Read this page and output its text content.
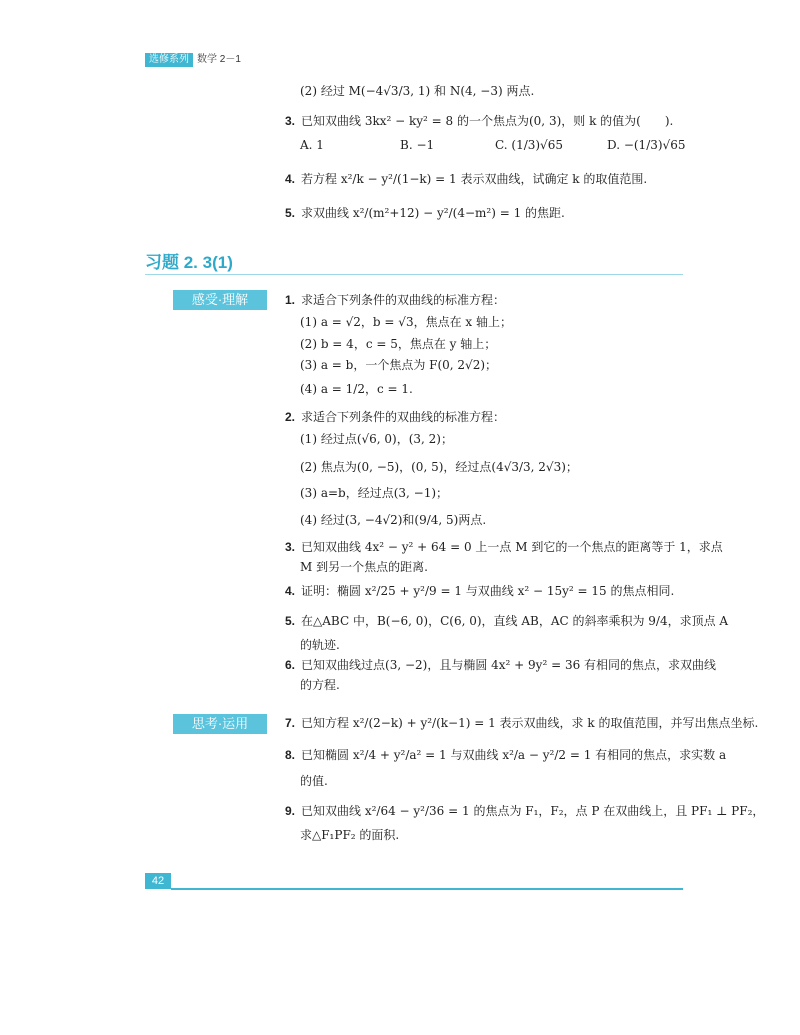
选修系列 数学 2－1
(2) 经过 M(−4√3/3, 1) 和 N(4, −3) 两点.
3. 已知双曲线 3kx² − ky² = 8 的一个焦点为(0, 3)，则 k 的值为(　　).
A. 1	B. −1	C. (1/3)√65	D. −(1/3)√65
4. 若方程 x²/k − y²/(1−k) = 1 表示双曲线，试确定 k 的取值范围.
5. 求双曲线 x²/(m²+12) − y²/(4−m²) = 1 的焦距.
习题 2. 3(1)
感受·理解	1. 求适合下列条件的双曲线的标准方程：
(1) a = √2，b = √3，焦点在 x 轴上；
(2) b = 4，c = 5，焦点在 y 轴上；
(3) a = b，一个焦点为 F(0, 2√2)；
(4) a = 1/2，c = 1.
2. 求适合下列条件的双曲线的标准方程：
(1) 经过点(√6, 0)，(3, 2)；
(2) 焦点为(0, −5)，(0, 5)，经过点(4√3/3, 2√3)；
(3) a=b，经过点(3, −1)；
(4) 经过(3, −4√2)和(9/4, 5)两点.
3. 已知双曲线 4x² − y² + 64 = 0 上一点 M 到它的一个焦点的距离等于 1，求点
M 到另一个焦点的距离.
4. 证明：椭圆 x²/25 + y²/9 = 1 与双曲线 x² − 15y² = 15 的焦点相同.
5. 在△ABC 中，B(−6, 0)，C(6, 0)，直线 AB，AC 的斜率乘积为 9/4，求顶点 A
的轨迹.
6. 已知双曲线过点(3, −2)，且与椭圆 4x² + 9y² = 36 有相同的焦点，求双曲线
的方程.
思考·运用	7. 已知方程 x²/(2−k) + y²/(k−1) = 1 表示双曲线，求 k 的取值范围，并写出焦点坐标.
8. 已知椭圆 x²/4 + y²/a² = 1 与双曲线 x²/a − y²/2 = 1 有相同的焦点，求实数 a
的值.
9. 已知双曲线 x²/64 − y²/36 = 1 的焦点为 F₁，F₂，点 P 在双曲线上，且 PF₁ ⊥ PF₂，
求△F₁PF₂ 的面积.
42
